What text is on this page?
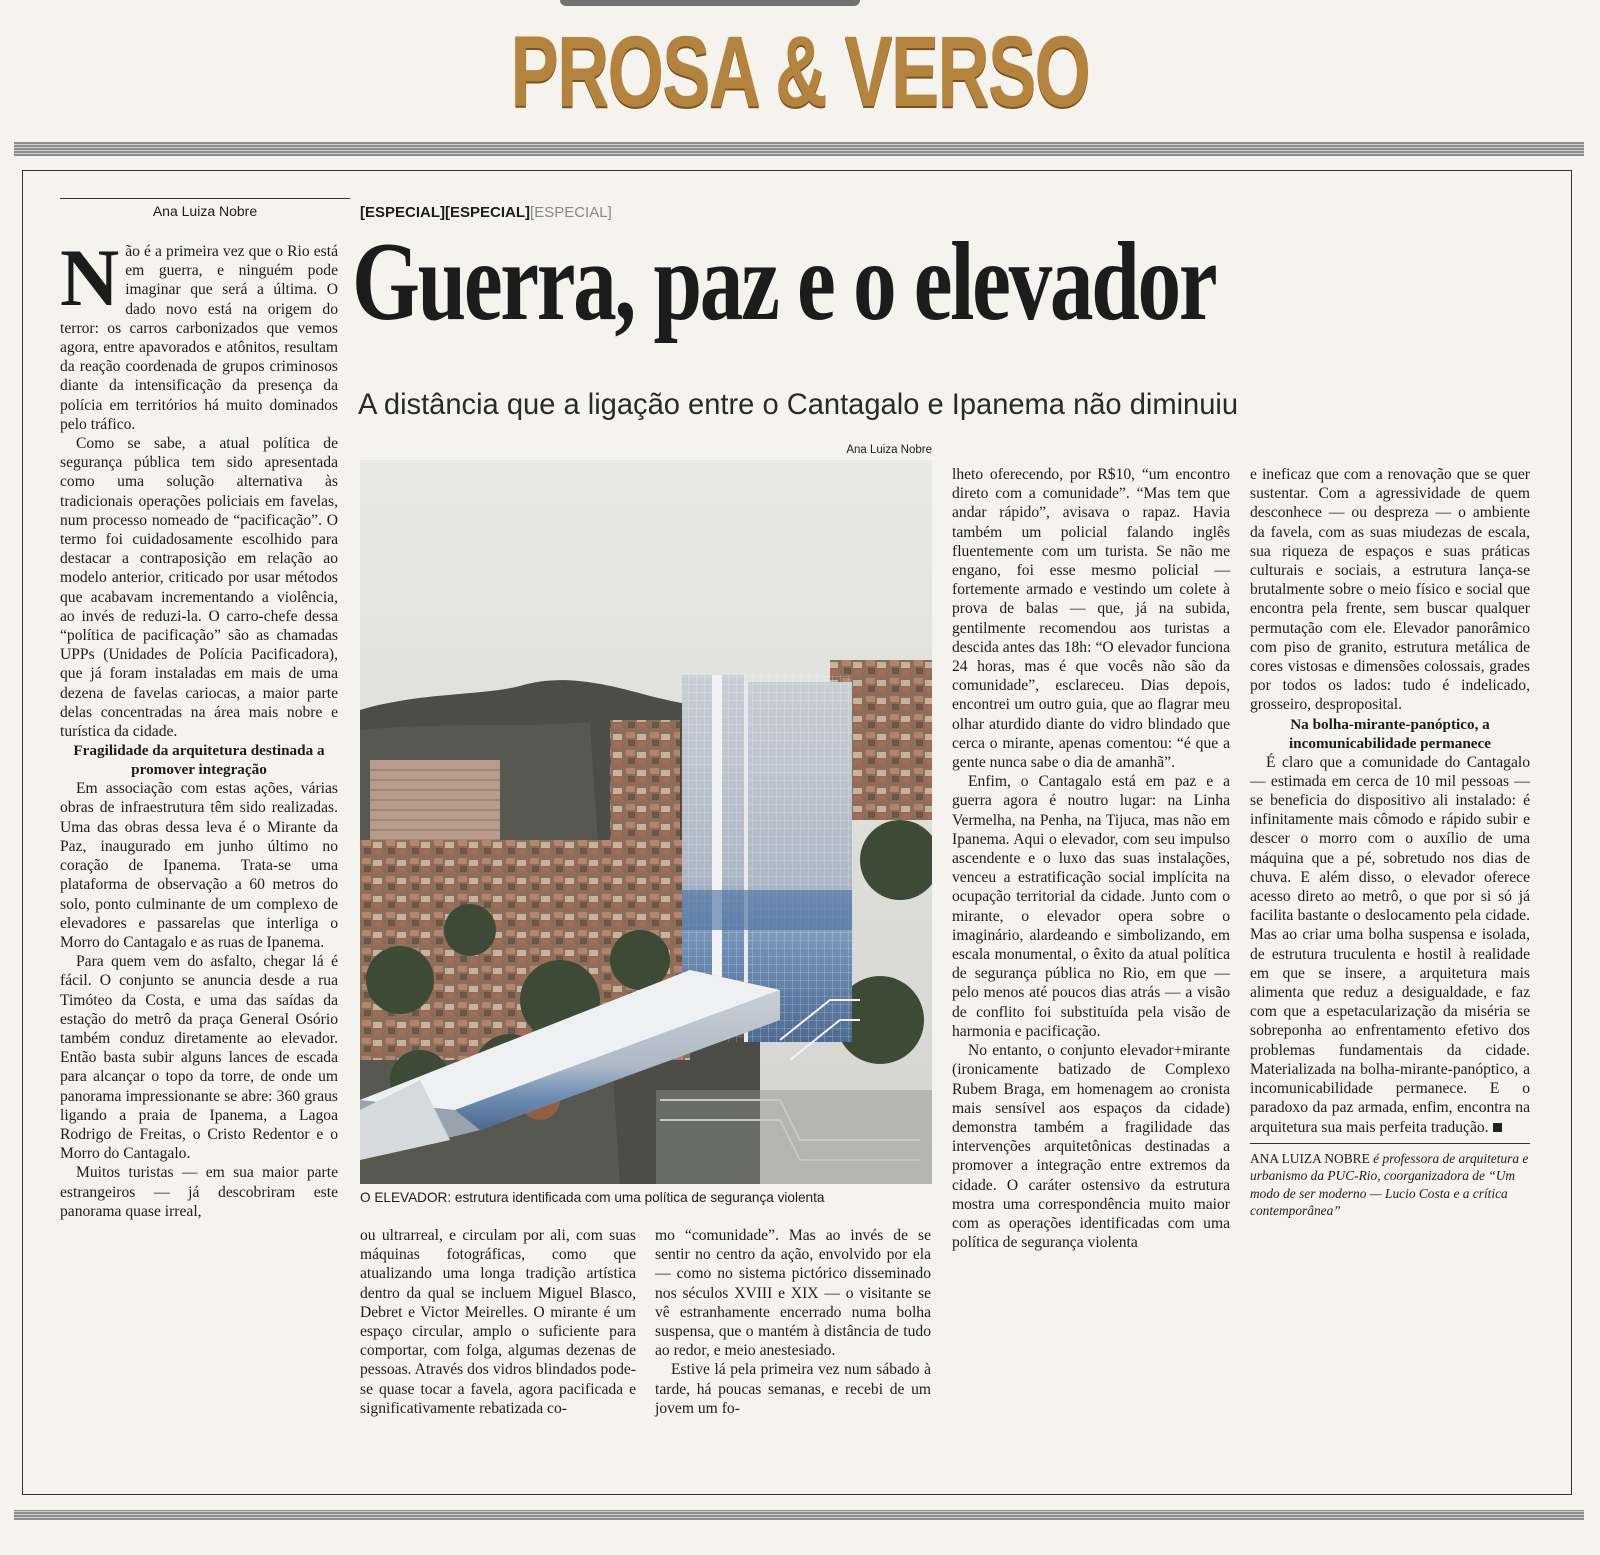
PROSA & VERSO
Ana Luiza Nobre

Não é a primeira vez que o Rio está em guerra, e ninguém pode imaginar que será a última. O dado novo está na origem do terror: os carros carbonizados que vemos agora, entre apavorados e atônitos, resultam da reação coordenada de grupos criminosos diante da intensificação da presença da polícia em territórios há muito dominados pelo tráfico.

Como se sabe, a atual política de segurança pública tem sido apresentada como uma solução alternativa às tradicionais operações policiais em favelas, num processo nomeado de “pacificação”. O termo foi cuidadosamente escolhido para destacar a contraposição em relação ao modelo anterior, criticado por usar métodos que acabavam incrementando a violência, ao invés de reduzi-la. O carro-chefe dessa “política de pacificação” são as chamadas UPPs (Unidades de Polícia Pacificadora), que já foram instaladas em mais de uma dezena de favelas cariocas, a maior parte delas concentradas na área mais nobre e turística da cidade.

Fragilidade da arquitetura destinada a promover integração

Em associação com estas ações, várias obras de infraestrutura têm sido realizadas. Uma das obras dessa leva é o Mirante da Paz, inaugurado em junho último no coração de Ipanema. Trata-se uma plataforma de observação a 60 metros do solo, ponto culminante de um complexo de elevadores e passarelas que interliga o Morro do Cantagalo e as ruas de Ipanema.

Para quem vem do asfalto, chegar lá é fácil. O conjunto se anuncia desde a rua Timóteo da Costa, e uma das saídas da estação do metrô da praça General Osório também conduz diretamente ao elevador. Então basta subir alguns lances de escada para alcançar o topo da torre, de onde um panorama impressionante se abre: 360 graus ligando a praia de Ipanema, a Lagoa Rodrigo de Freitas, o Cristo Redentor e o Morro do Cantagalo.

Muitos turistas — em sua maior parte estrangeiros — já descobriram este panorama quase irreal,

[ESPECIAL][ESPECIAL][ESPECIAL]
Guerra, paz e o elevador
A distância que a ligação entre o Cantagalo e Ipanema não diminuiu
Ana Luiza Nobre
O ELEVADOR: estrutura identificada com uma política de segurança violenta

ou ultrarreal, e circulam por ali, com suas máquinas fotográficas, como que atualizando uma longa tradição artística dentro da qual se incluem Miguel Blasco, Debret e Victor Meirelles. O mirante é um espaço circular, amplo o suficiente para comportar, com folga, algumas dezenas de pessoas. Através dos vidros blindados pode-se quase tocar a favela, agora pacificada e significativamente rebatizada co-

mo “comunidade”. Mas ao invés de se sentir no centro da ação, envolvido por ela — como no sistema pictórico disseminado nos séculos XVIII e XIX — o visitante se vê estranhamente encerrado numa bolha suspensa, que o mantém à distância de tudo ao redor, e meio anestesiado.

Estive lá pela primeira vez num sábado à tarde, há poucas semanas, e recebi de um jovem um fo-

lheto oferecendo, por R$10, “um encontro direto com a comunidade”. “Mas tem que andar rápido”, avisava o rapaz. Havia também um policial falando inglês fluentemente com um turista. Se não me engano, foi esse mesmo policial — fortemente armado e vestindo um colete à prova de balas — que, já na subida, gentilmente recomendou aos turistas a descida antes das 18h: “O elevador funciona 24 horas, mas é que vocês não são da comunidade”, esclareceu. Dias depois, encontrei um outro guia, que ao flagrar meu olhar aturdido diante do vidro blindado que cerca o mirante, apenas comentou: “é que a gente nunca sabe o dia de amanhã”.

Enfim, o Cantagalo está em paz e a guerra agora é noutro lugar: na Linha Vermelha, na Penha, na Tijuca, mas não em Ipanema. Aqui o elevador, com seu impulso ascendente e o luxo das suas instalações, venceu a estratificação social implícita na ocupação territorial da cidade. Junto com o mirante, o elevador opera sobre o imaginário, alardeando e simbolizando, em escala monumental, o êxito da atual política de segurança pública no Rio, em que — pelo menos até poucos dias atrás — a visão de conflito foi substituída pela visão de harmonia e pacificação.

No entanto, o conjunto elevador+mirante (ironicamente batizado de Complexo Rubem Braga, em homenagem ao cronista mais sensível aos espaços da cidade) demonstra também a fragilidade das intervenções arquitetônicas destinadas a promover a integração entre extremos da cidade. O caráter ostensivo da estrutura mostra uma correspondência muito maior com as operações identificadas com uma política de segurança violenta

e ineficaz que com a renovação que se quer sustentar. Com a agressividade de quem desconhece — ou despreza — o ambiente da favela, com as suas miudezas de escala, sua riqueza de espaços e suas práticas culturais e sociais, a estrutura lança-se brutalmente sobre o meio físico e social que encontra pela frente, sem buscar qualquer permutação com ele. Elevador panorâmico com piso de granito, estrutura metálica de cores vistosas e dimensões colossais, grades por todos os lados: tudo é indelicado, grosseiro, desproposital.

Na bolha-mirante-panóptico, a incomunicabilidade permanece

É claro que a comunidade do Cantagalo — estimada em cerca de 10 mil pessoas — se beneficia do dispositivo ali instalado: é infinitamente mais cômodo e rápido subir e descer o morro com o auxílio de uma máquina que a pé, sobretudo nos dias de chuva. E além disso, o elevador oferece acesso direto ao metrô, o que por si só já facilita bastante o deslocamento pela cidade. Mas ao criar uma bolha suspensa e isolada, de estrutura truculenta e hostil à realidade em que se insere, a arquitetura mais alimenta que reduz a desigualdade, e faz com que a espetacularização da miséria se sobreponha ao enfrentamento efetivo dos problemas fundamentais da cidade. Materializada na bolha-mirante-panóptico, a incomunicabilidade permanece. E o paradoxo da paz armada, enfim, encontra na arquitetura sua mais perfeita tradução.

ANA LUIZA NOBRE é professora de arquitetura e urbanismo da PUC-Rio, coorganizadora de “Um modo de ser moderno — Lucio Costa e a crítica contemporânea”
